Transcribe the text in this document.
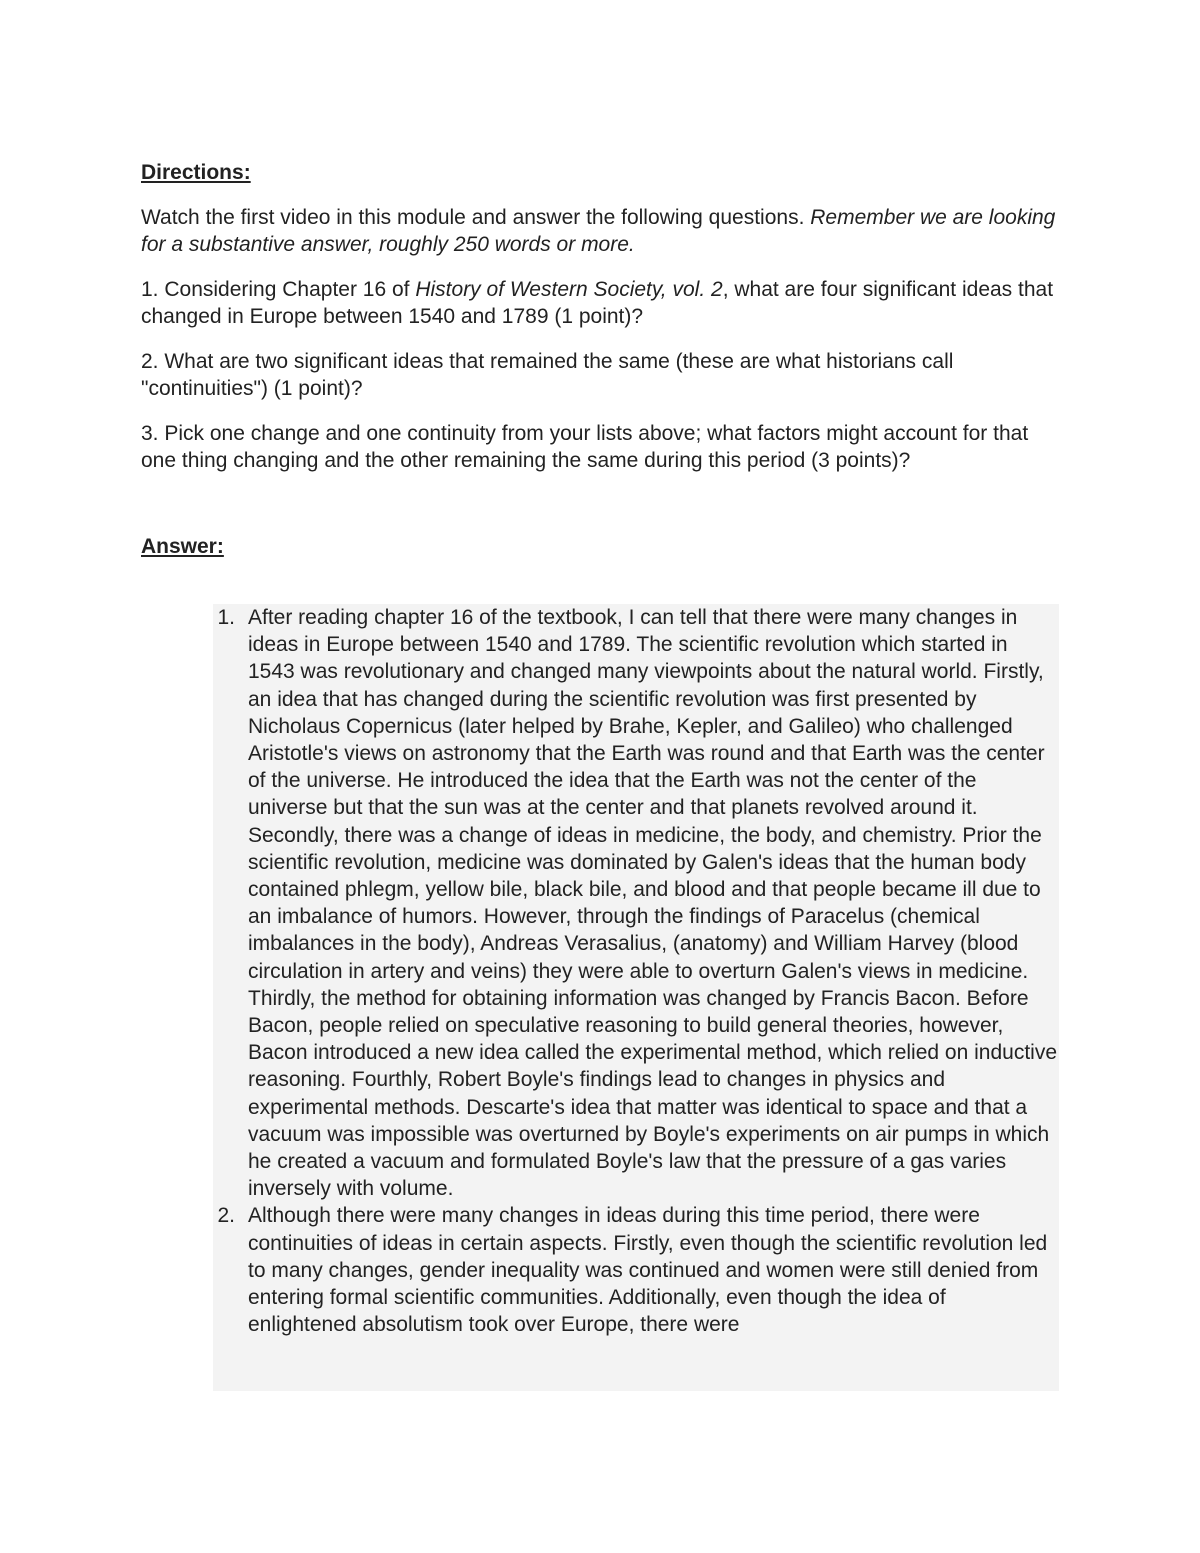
Directions:

Watch the first video in this module and answer the following questions. Remember we are looking for a substantive answer, roughly 250 words or more.

1. Considering Chapter 16 of History of Western Society, vol. 2, what are four significant ideas that changed in Europe between 1540 and 1789 (1 point)?

2. What are two significant ideas that remained the same (these are what historians call "continuities") (1 point)?

3. Pick one change and one continuity from your lists above; what factors might account for that one thing changing and the other remaining the same during this period (3 points)?

Answer:
1. After reading chapter 16 of the textbook, I can tell that there were many changes in ideas in Europe between 1540 and 1789. The scientific revolution which started in 1543 was revolutionary and changed many viewpoints about the natural world. Firstly, an idea that has changed during the scientific revolution was first presented by Nicholaus Copernicus (later helped by Brahe, Kepler, and Galileo) who challenged Aristotle's views on astronomy that the Earth was round and that Earth was the center of the universe. He introduced the idea that the Earth was not the center of the universe but that the sun was at the center and that planets revolved around it. Secondly, there was a change of ideas in medicine, the body, and chemistry. Prior the scientific revolution, medicine was dominated by Galen's ideas that the human body contained phlegm, yellow bile, black bile, and blood and that people became ill due to an imbalance of humors. However, through the findings of Paracelus (chemical imbalances in the body), Andreas Verasalius, (anatomy) and William Harvey (blood circulation in artery and veins) they were able to overturn Galen's views in medicine. Thirdly, the method for obtaining information was changed by Francis Bacon. Before Bacon, people relied on speculative reasoning to build general theories, however, Bacon introduced a new idea called the experimental method, which relied on inductive reasoning. Fourthly, Robert Boyle's findings lead to changes in physics and experimental methods. Descarte's idea that matter was identical to space and that a vacuum was impossible was overturned by Boyle's experiments on air pumps in which he created a vacuum and formulated Boyle's law that the pressure of a gas varies inversely with volume.
2. Although there were many changes in ideas during this time period, there were continuities of ideas in certain aspects. Firstly, even though the scientific revolution led to many changes, gender inequality was continued and women were still denied from entering formal scientific communities. Additionally, even though the idea of enlightened absolutism took over Europe, there were
